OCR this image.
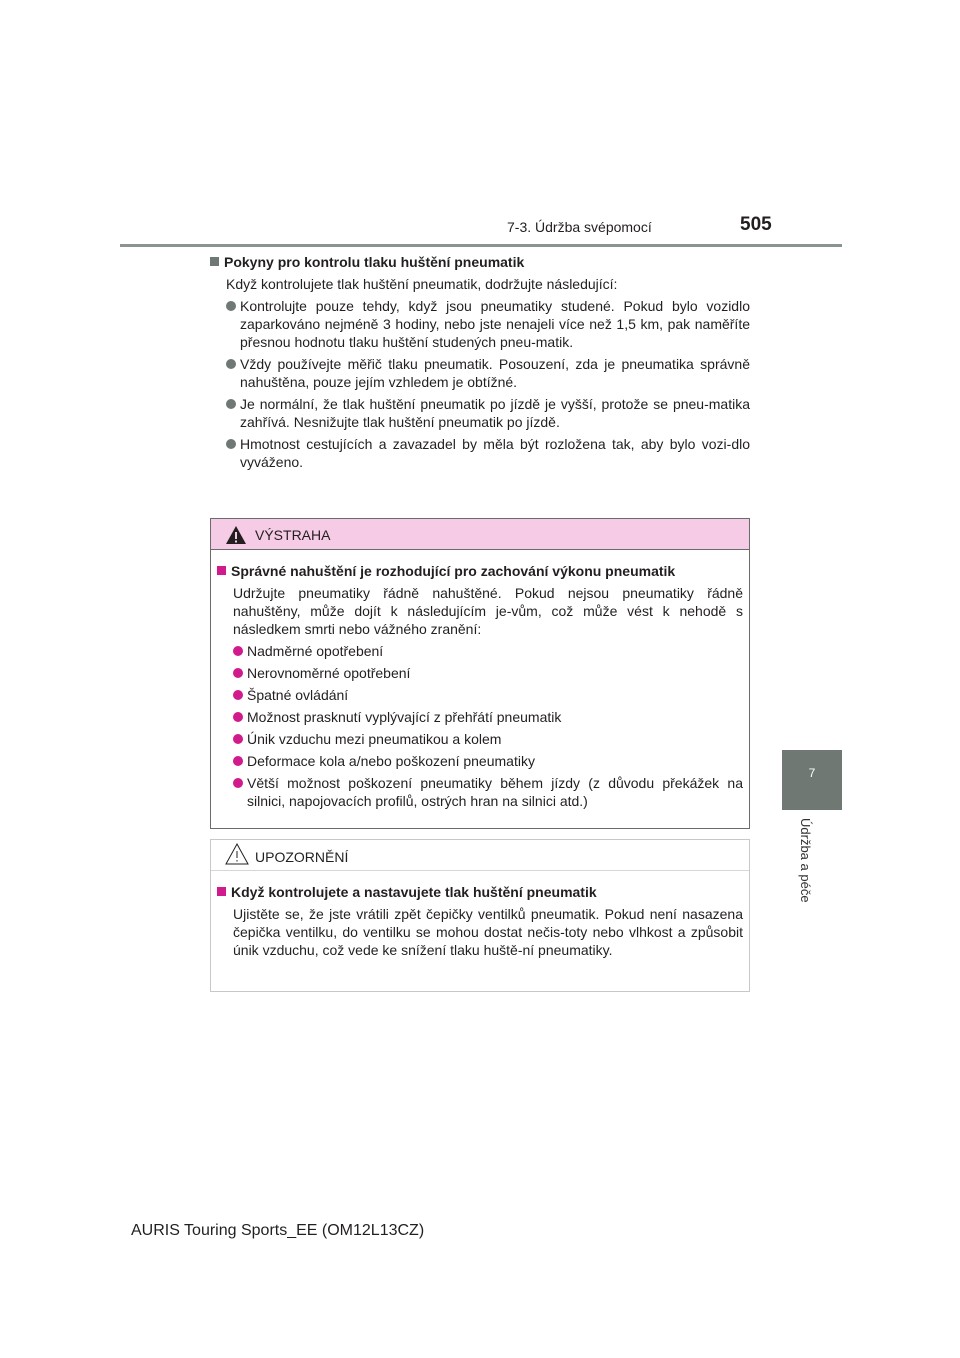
7-3. Údržba svépomocí	505
7
Údržba a péče

Pokyny pro kontrolu tlaku huštění pneumatik

Když kontrolujete tlak huštění pneumatik, dodržujte následující:

Kontrolujte pouze tehdy, když jsou pneumatiky studené. Pokud bylo vozidlo zaparkováno nejméně 3 hodiny, nebo jste nenajeli více než 1,5 km, pak naměříte přesnou hodnotu tlaku huštění studených pneu-matik.
Vždy používejte měřič tlaku pneumatik. Posouzení, zda je pneumatika správně nahuštěna, pouze jejím vzhledem je obtížné.
Je normální, že tlak huštění pneumatik po jízdě je vyšší, protože se pneu-matika zahřívá. Nesnižujte tlak huštění pneumatik po jízdě.
Hmotnost cestujících a zavazadel by měla být rozložena tak, aby bylo vozi-dlo vyváženo.
VÝSTRAHA

Správné nahuštění je rozhodující pro zachování výkonu pneumatik

Udržujte pneumatiky řádně nahuštěné. Pokud nejsou pneumatiky řádně nahuštěny, může dojít k následujícím je-vům, což může vést k nehodě s následkem smrti nebo vážného zranění:

Nadměrné opotřebení
Nerovnoměrné opotřebení
Špatné ovládání
Možnost prasknutí vyplývající z přehřátí pneumatik
Únik vzduchu mezi pneumatikou a kolem
Deformace kola a/nebo poškození pneumatiky
Větší možnost poškození pneumatiky během jízdy (z důvodu překážek na silnici, napojovacích profilů, ostrých hran na silnici atd.)
UPOZORNĚNÍ

Když kontrolujete a nastavujete tlak huštění pneumatik

Ujistěte se, že jste vrátili zpět čepičky ventilků pneumatik. Pokud není nasazena čepička ventilku, do ventilku se mohou dostat nečis-toty nebo vlhkost a způsobit únik vzduchu, což vede ke snížení tlaku huště-ní pneumatiky.

AURIS Touring Sports_EE (OM12L13CZ)
